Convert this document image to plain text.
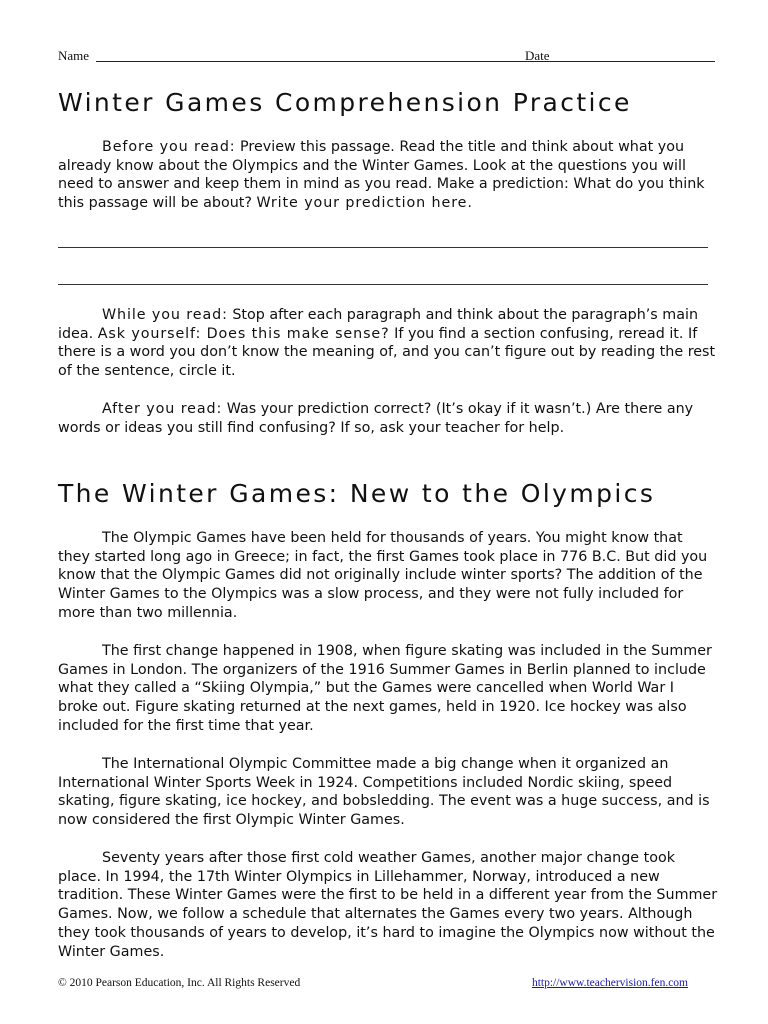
Name	Date
Winter Games Comprehension Practice

Before you read: Preview this passage. Read the title and think about what you already know about the Olympics and the Winter Games. Look at the questions you will need to answer and keep them in mind as you read. Make a prediction: What do you think this passage will be about? Write your prediction here.

While you read: Stop after each paragraph and think about the paragraph’s main idea. Ask yourself: Does this make sense? If you find a section confusing, reread it. If there is a word you don’t know the meaning of, and you can’t figure out by reading the rest of the sentence, circle it.

After you read: Was your prediction correct? (It’s okay if it wasn’t.) Are there any words or ideas you still find confusing? If so, ask your teacher for help.

The Winter Games: New to the Olympics

The Olympic Games have been held for thousands of years. You might know that they started long ago in Greece; in fact, the first Games took place in 776 B.C. But did you know that the Olympic Games did not originally include winter sports? The addition of the Winter Games to the Olympics was a slow process, and they were not fully included for more than two millennia.

The first change happened in 1908, when figure skating was included in the Summer Games in London. The organizers of the 1916 Summer Games in Berlin planned to include what they called a “Skiing Olympia,” but the Games were cancelled when World War I broke out. Figure skating returned at the next games, held in 1920. Ice hockey was also included for the first time that year.

The International Olympic Committee made a big change when it organized an International Winter Sports Week in 1924. Competitions included Nordic skiing, speed skating, figure skating, ice hockey, and bobsledding. The event was a huge success, and is now considered the first Olympic Winter Games.

Seventy years after those first cold weather Games, another major change took place. In 1994, the 17th Winter Olympics in Lillehammer, Norway, introduced a new tradition. These Winter Games were the first to be held in a different year from the Summer Games. Now, we follow a schedule that alternates the Games every two years. Although they took thousands of years to develop, it’s hard to imagine the Olympics now without the Winter Games.

© 2010 Pearson Education, Inc. All Rights Reserved	http://www.teachervision.fen.com
